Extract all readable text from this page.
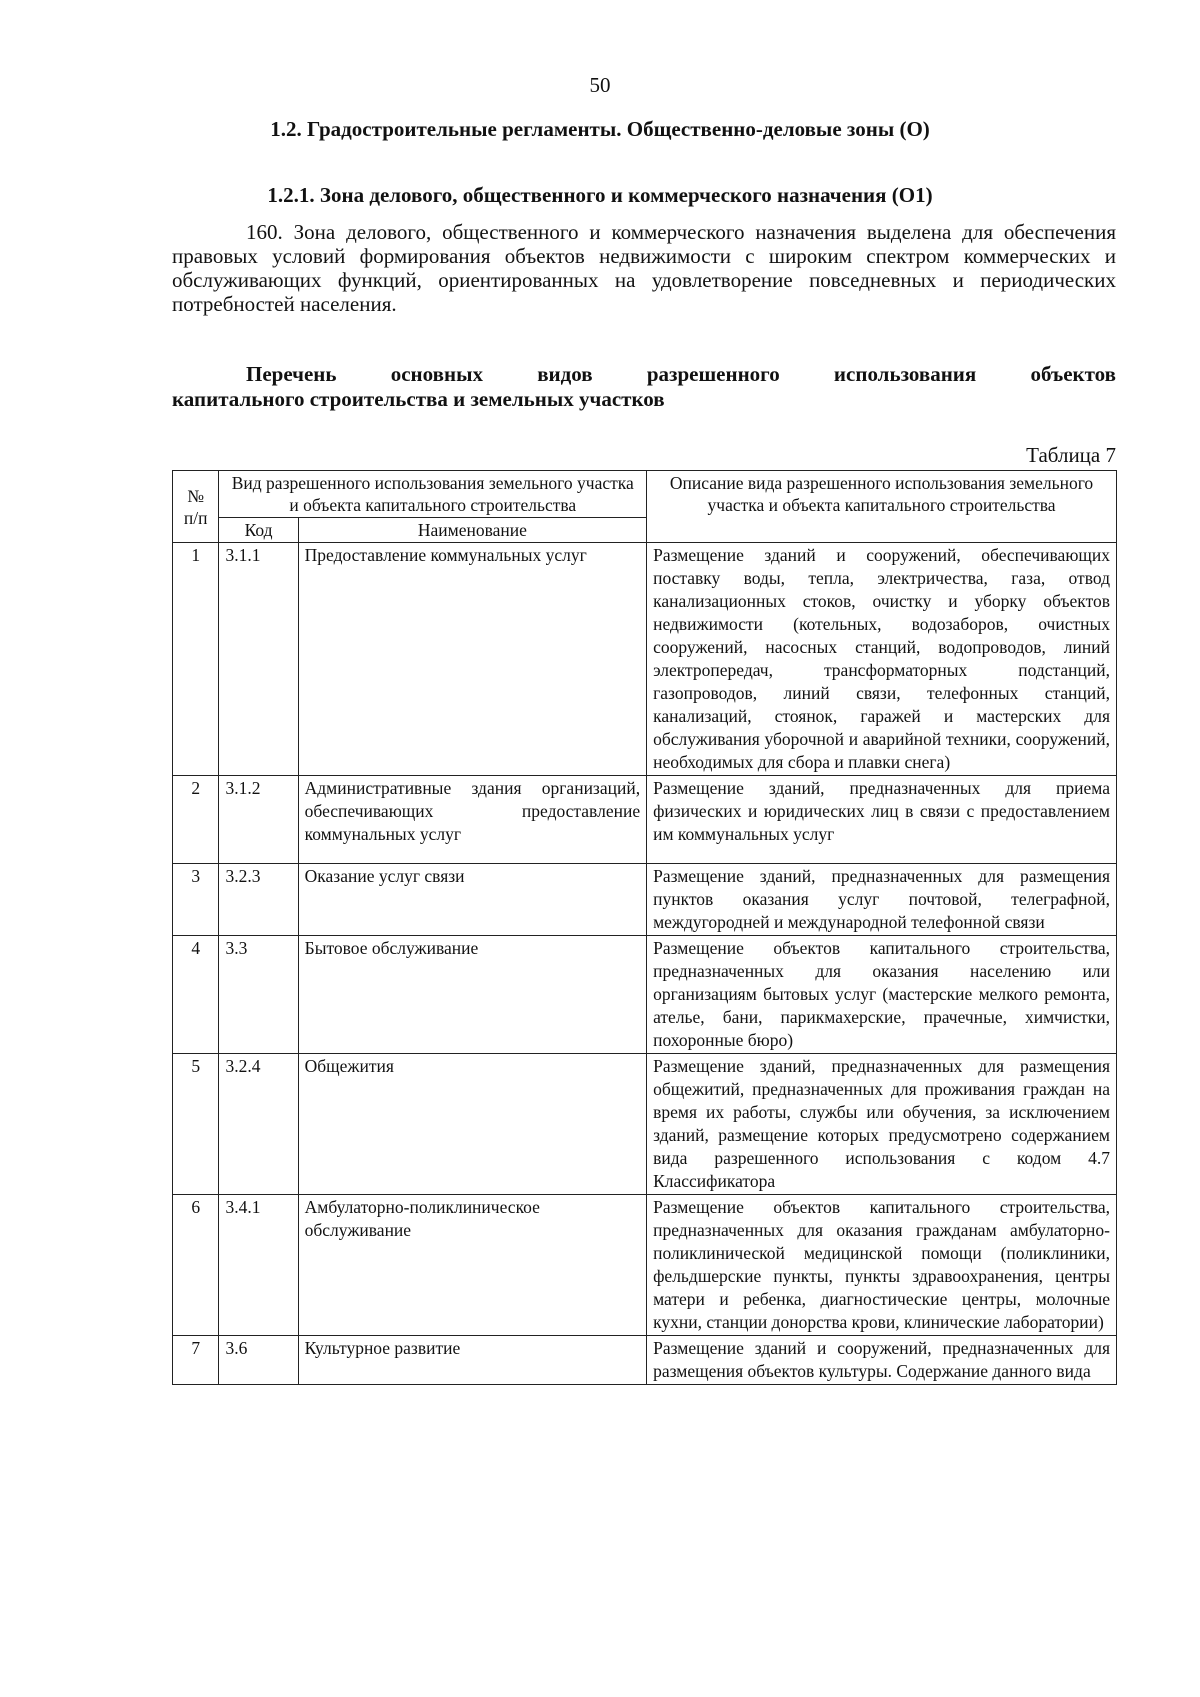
50
1.2. Градостроительные регламенты. Общественно-деловые зоны (О)
1.2.1. Зона делового, общественного и коммерческого назначения (О1)

160. Зона делового, общественного и коммерческого назначения выделена для обеспечения правовых условий формирования объектов недвижимости с широким спектром коммерческих и обслуживающих функций, ориентированных на удовлетворение повседневных и периодических потребностей населения.

Перечень основных видов разрешенного использования объектов
капитального строительства и земельных участков

Таблица 7
№ п/п	Вид разрешенного использования земельного участка и объекта капитального строительства		Описание вида разрешенного использования земельного участка и объекта капитального строительства
	Код	Наименование	
1	3.1.1	Предоставление коммунальных услуг	Размещение зданий и сооружений, обеспечивающих поставку воды, тепла, электричества, газа, отвод канализационных стоков, очистку и уборку объектов недвижимости (котельных, водозаборов, очистных сооружений, насосных станций, водопроводов, линий электропередач, трансформаторных подстанций, газопроводов, линий связи, телефонных станций, канализаций, стоянок, гаражей и мастерских для обслуживания уборочной и аварийной техники, сооружений, необходимых для сбора и плавки снега)
2	3.1.2	Административные здания организаций, обеспечивающих предоставление коммунальных услуг	Размещение зданий, предназначенных для приема физических и юридических лиц в связи с предоставлением им коммунальных услуг
3	3.2.3	Оказание услуг связи	Размещение зданий, предназначенных для размещения пунктов оказания услуг почтовой, телеграфной, междугородней и международной телефонной связи
4	3.3	Бытовое обслуживание	Размещение объектов капитального строительства, предназначенных для оказания населению или организациям бытовых услуг (мастерские мелкого ремонта, ателье, бани, парикмахерские, прачечные, химчистки, похоронные бюро)
5	3.2.4	Общежития	Размещение зданий, предназначенных для размещения общежитий, предназначенных для проживания граждан на время их работы, службы или обучения, за исключением зданий, размещение которых предусмотрено содержанием вида разрешенного использования с кодом 4.7 Классификатора
6	3.4.1	Амбулаторно-поликлиническое обслуживание	Размещение объектов капитального строительства, предназначенных для оказания гражданам амбулаторно-поликлинической медицинской помощи (поликлиники, фельдшерские пункты, пункты здравоохранения, центры матери и ребенка, диагностические центры, молочные кухни, станции донорства крови, клинические лаборатории)
7	3.6	Культурное развитие	Размещение зданий и сооружений, предназначенных для размещения объектов культуры. Содержание данного вида
